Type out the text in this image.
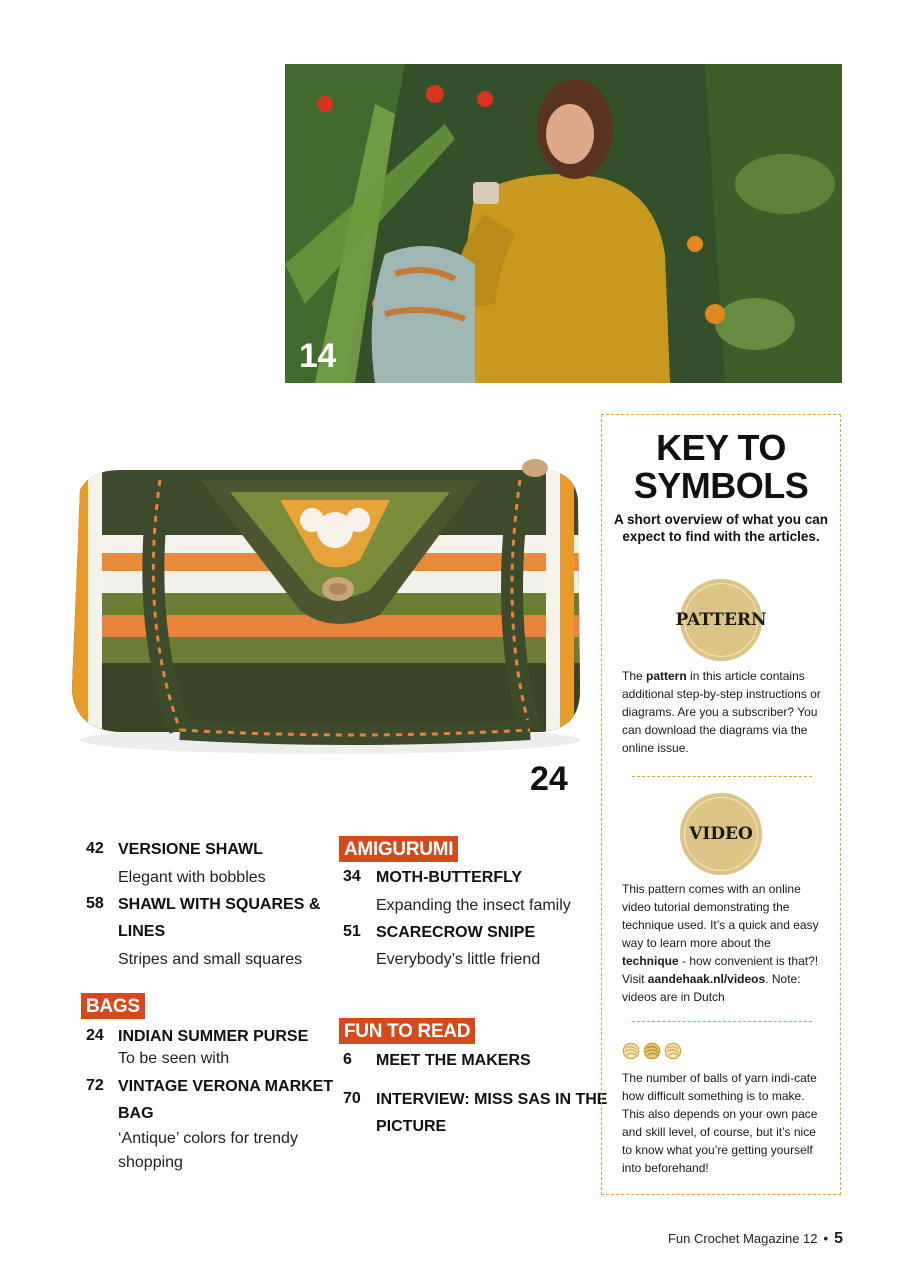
14
24
42 VERSIONE SHAWL
Elegant with bobbles
58 SHAWL WITH SQUARES &
LINES
Stripes and small squares
BAGS
24 INDIAN SUMMER PURSE
To be seen with
72 VINTAGE VERONA MARKET
BAG
‘Antique’ colors for trendy
shopping
AMIGURUMI
34 MOTH-BUTTERFLY
Expanding the insect family
51 SCARECROW SNIPE
Everybody’s little friend
FUN TO READ
6 MEET THE MAKERS
70 INTERVIEW: MISS SAS IN THE
PICTURE
KEY TO
SYMBOLS
A short overview of what you can expect to find with the articles.
PATTERN
The pattern in this article contains additional step-by-step instructions or diagrams. Are you a subscriber? You can download the diagrams via the online issue.
VIDEO
This pattern comes with an online video tutorial demonstrating the technique used. It’s a quick and easy way to learn more about the technique - how convenient is that?! Visit aandehaak.nl/videos. Note: videos are in Dutch
The number of balls of yarn indi-cate how difficult something is to make. This also depends on your own pace and skill level, of course, but it’s nice to know what you’re getting yourself into beforehand!
Fun Crochet Magazine 12 • 5
